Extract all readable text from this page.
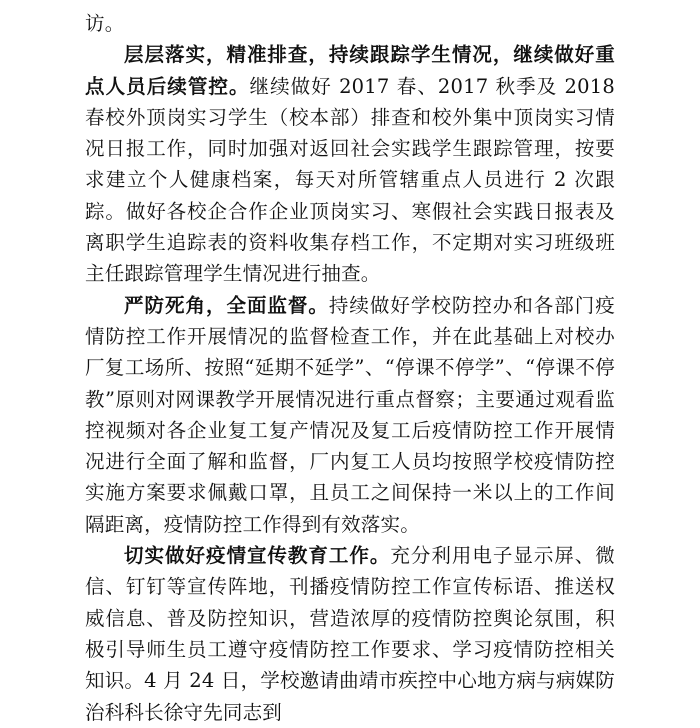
访。

层层落实，精准排查，持续跟踪学生情况，继续做好重点人员后续管控。继续做好 2017 春、2017 秋季及 2018 春校外顶岗实习学生（校本部）排查和校外集中顶岗实习情况日报工作，同时加强对返回社会实践学生跟踪管理，按要求建立个人健康档案，每天对所管辖重点人员进行 2 次跟踪。做好各校企合作企业顶岗实习、寒假社会实践日报表及离职学生追踪表的资料收集存档工作，不定期对实习班级班主任跟踪管理学生情况进行抽查。

严防死角，全面监督。持续做好学校防控办和各部门疫情防控工作开展情况的监督检查工作，并在此基础上对校办厂复工场所、按照“延期不延学”、“停课不停学”、“停课不停教”原则对网课教学开展情况进行重点督察；主要通过观看监控视频对各企业复工复产情况及复工后疫情防控工作开展情况进行全面了解和监督，厂内复工人员均按照学校疫情防控实施方案要求佩戴口罩，且员工之间保持一米以上的工作间隔距离，疫情防控工作得到有效落实。

切实做好疫情宣传教育工作。充分利用电子显示屏、微信、钉钉等宣传阵地，刊播疫情防控工作宣传标语、推送权威信息、普及防控知识，营造浓厚的疫情防控舆论氛围，积极引导师生员工遵守疫情防控工作要求、学习疫情防控相关知识。4 月 24 日，学校邀请曲靖市疾控中心地方病与病媒防治科科长徐守先同志到
